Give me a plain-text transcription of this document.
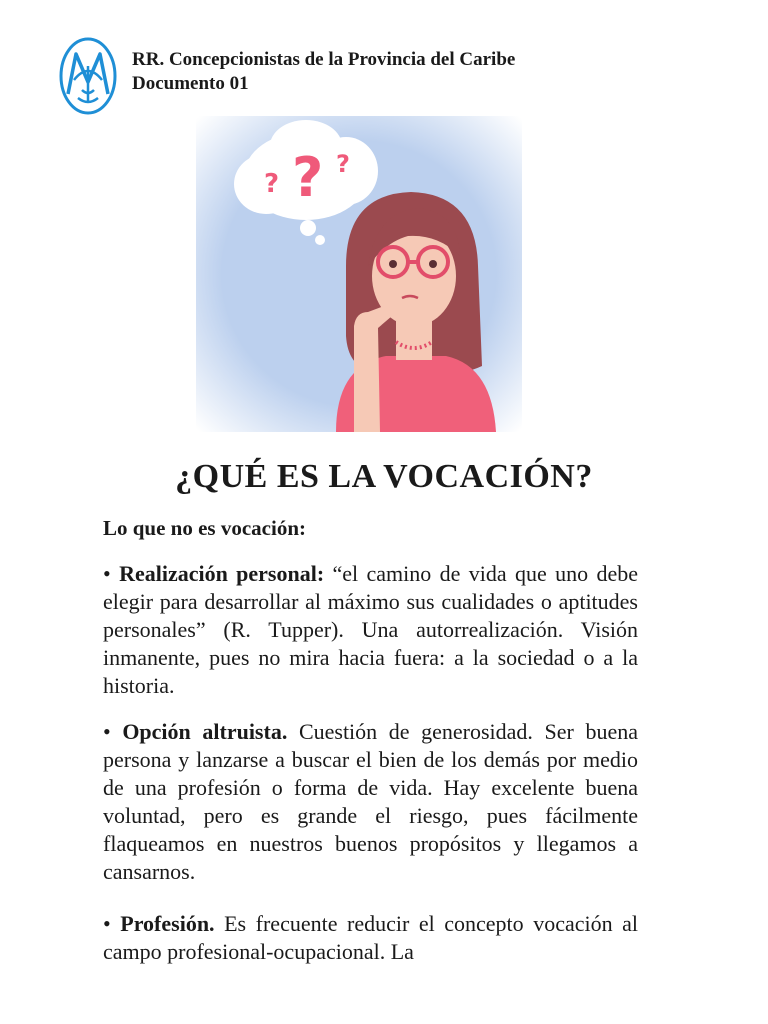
RR. Concepcionistas de la Provincia del Caribe
Documento 01
? ? ?
¿QUÉ ES LA VOCACIÓN?

Lo que no es vocación:

• Realización personal: “el camino de vida que uno debe elegir para desarrollar al máximo sus cualidades o aptitudes personales” (R. Tupper). Una autorrealización. Visión inmanente, pues no mira hacia fuera: a la sociedad o a la historia.

• Opción altruista. Cuestión de generosidad. Ser buena persona y lanzarse a buscar el bien de los demás por medio de una profesión o forma de vida. Hay excelente buena voluntad, pero es grande el riesgo, pues fácilmente flaqueamos en nuestros buenos propósitos y llegamos a cansarnos.

• Profesión. Es frecuente reducir el concepto vocación al campo profesional-ocupacional. La
